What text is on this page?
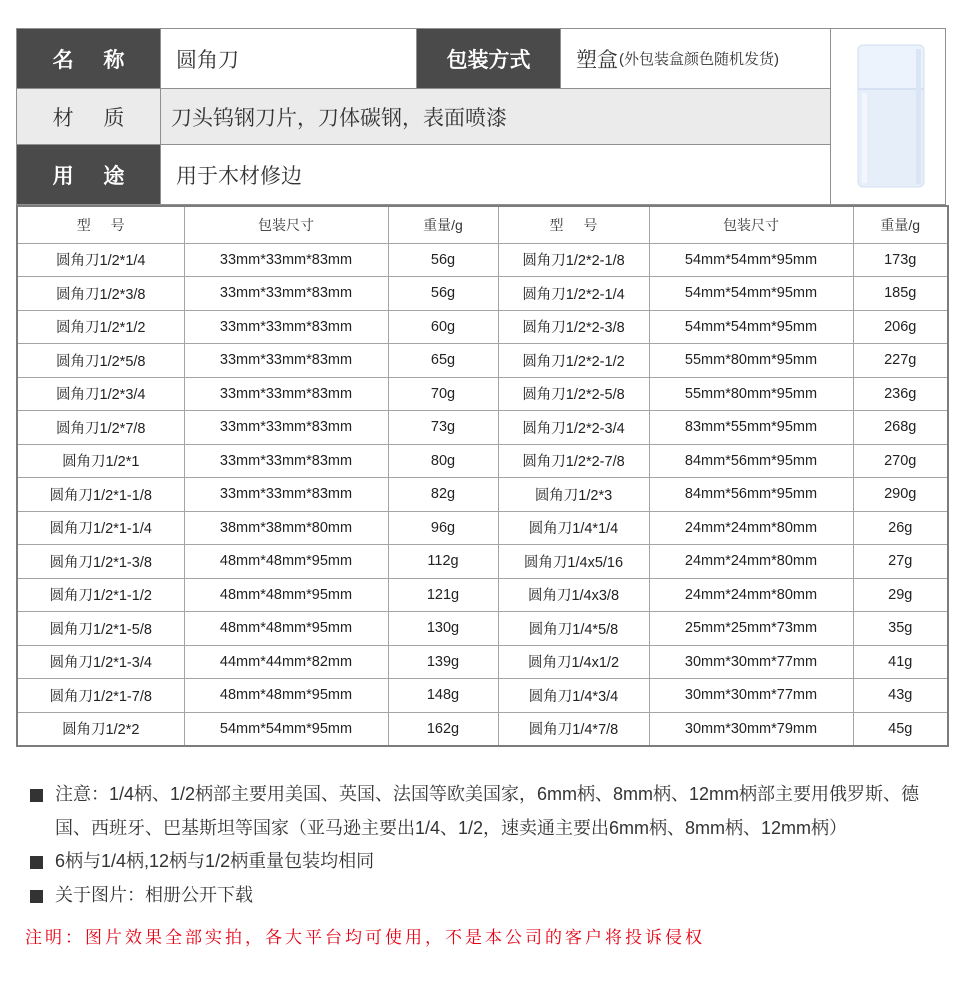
名 称	圆角刀	包装方式	塑盒 (外包装盒颜色随机发货)
材 质	刀头钨钢刀片，刀体碳钢，表面喷漆
用 途	用于木材修边
型 号	包装尺寸	重量/g	型 号	包装尺寸	重量/g
圆角刀1/2*1/4	33mm*33mm*83mm	56g	圆角刀1/2*2-1/8	54mm*54mm*95mm	173g
圆角刀1/2*3/8	33mm*33mm*83mm	56g	圆角刀1/2*2-1/4	54mm*54mm*95mm	185g
圆角刀1/2*1/2	33mm*33mm*83mm	60g	圆角刀1/2*2-3/8	54mm*54mm*95mm	206g
圆角刀1/2*5/8	33mm*33mm*83mm	65g	圆角刀1/2*2-1/2	55mm*80mm*95mm	227g
圆角刀1/2*3/4	33mm*33mm*83mm	70g	圆角刀1/2*2-5/8	55mm*80mm*95mm	236g
圆角刀1/2*7/8	33mm*33mm*83mm	73g	圆角刀1/2*2-3/4	83mm*55mm*95mm	268g
圆角刀1/2*1	33mm*33mm*83mm	80g	圆角刀1/2*2-7/8	84mm*56mm*95mm	270g
圆角刀1/2*1-1/8	33mm*33mm*83mm	82g	圆角刀1/2*3	84mm*56mm*95mm	290g
圆角刀1/2*1-1/4	38mm*38mm*80mm	96g	圆角刀1/4*1/4	24mm*24mm*80mm	26g
圆角刀1/2*1-3/8	48mm*48mm*95mm	112g	圆角刀1/4x5/16	24mm*24mm*80mm	27g
圆角刀1/2*1-1/2	48mm*48mm*95mm	121g	圆角刀1/4x3/8	24mm*24mm*80mm	29g
圆角刀1/2*1-5/8	48mm*48mm*95mm	130g	圆角刀1/4*5/8	25mm*25mm*73mm	35g
圆角刀1/2*1-3/4	44mm*44mm*82mm	139g	圆角刀1/4x1/2	30mm*30mm*77mm	41g
圆角刀1/2*1-7/8	48mm*48mm*95mm	148g	圆角刀1/4*3/4	30mm*30mm*77mm	43g
圆角刀1/2*2	54mm*54mm*95mm	162g	圆角刀1/4*7/8	30mm*30mm*79mm	45g
注意：1/4柄、1/2柄部主要用美国、英国、法国等欧美国家，6mm柄、8mm柄、12mm柄部主要用俄罗斯、德国、西班牙、巴基斯坦等国家（亚马逊主要出1/4、1/2，速卖通主要出6mm柄、8mm柄、12mm柄）
6柄与1/4柄,12柄与1/2柄重量包装均相同
关于图片：相册公开下载
注明：图片效果全部实拍，各大平台均可使用，不是本公司的客户将投诉侵权
